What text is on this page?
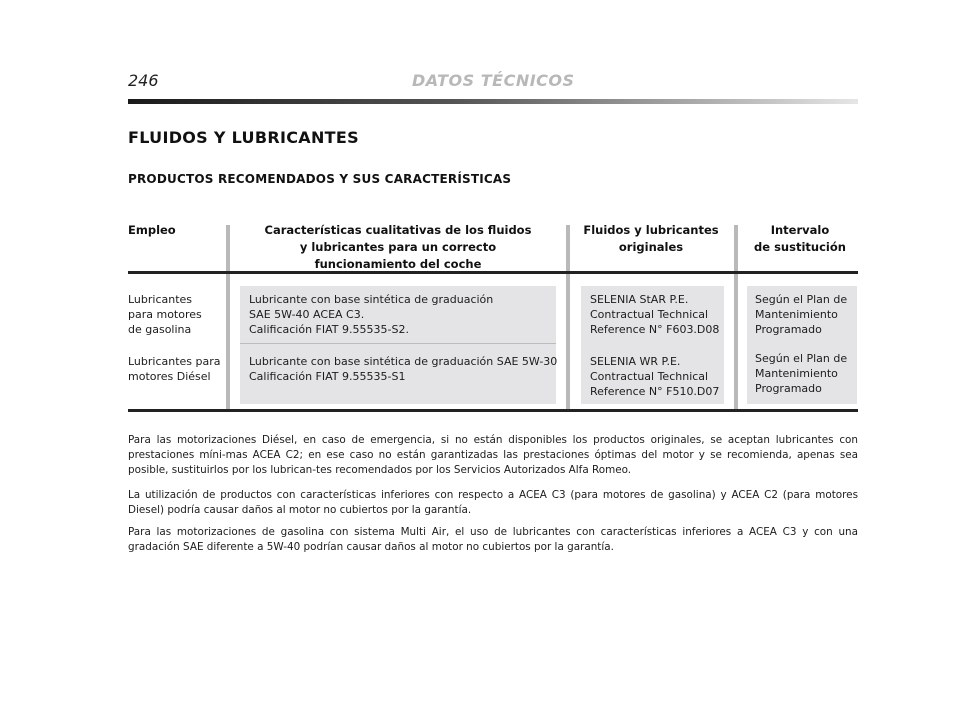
246	DATOS TÉCNICOS
FLUIDOS Y LUBRICANTES
PRODUCTOS RECOMENDADOS Y SUS CARACTERÍSTICAS
Empleo	Características cualitativas de los fluidos
y lubricantes para un correcto
funcionamiento del coche
Fluidos y lubricantes
originales
Intervalo
de sustitución
Lubricantes
para motores
de gasolina
Lubricantes para
motores Diésel
Lubricante con base sintética de graduación
SAE 5W-40 ACEA C3.
Calificación FIAT 9.55535-S2.
Lubricante con base sintética de graduación SAE 5W-30
Calificación FIAT 9.55535-S1
SELENIA StAR P.E.
Contractual Technical
Reference N° F603.D08
SELENIA WR P.E.
Contractual Technical
Reference N° F510.D07
Según el Plan de
Mantenimiento
Programado
Según el Plan de
Mantenimiento
Programado
Para las motorizaciones Diésel, en caso de emergencia, si no están disponibles los productos originales, se aceptan lubricantes con prestaciones míni-mas ACEA C2; en ese caso no están garantizadas las prestaciones óptimas del motor y se recomienda, apenas sea posible, sustituirlos por los lubrican-tes recomendados por los Servicios Autorizados Alfa Romeo.
La utilización de productos con características inferiores con respecto a ACEA C3 (para motores de gasolina) y ACEA C2 (para motores Diesel) podría causar daños al motor no cubiertos por la garantía.
Para las motorizaciones de gasolina con sistema Multi Air, el uso de lubricantes con características inferiores a ACEA C3 y con una gradación SAE diferente a 5W-40 podrían causar daños al motor no cubiertos por la garantía.
